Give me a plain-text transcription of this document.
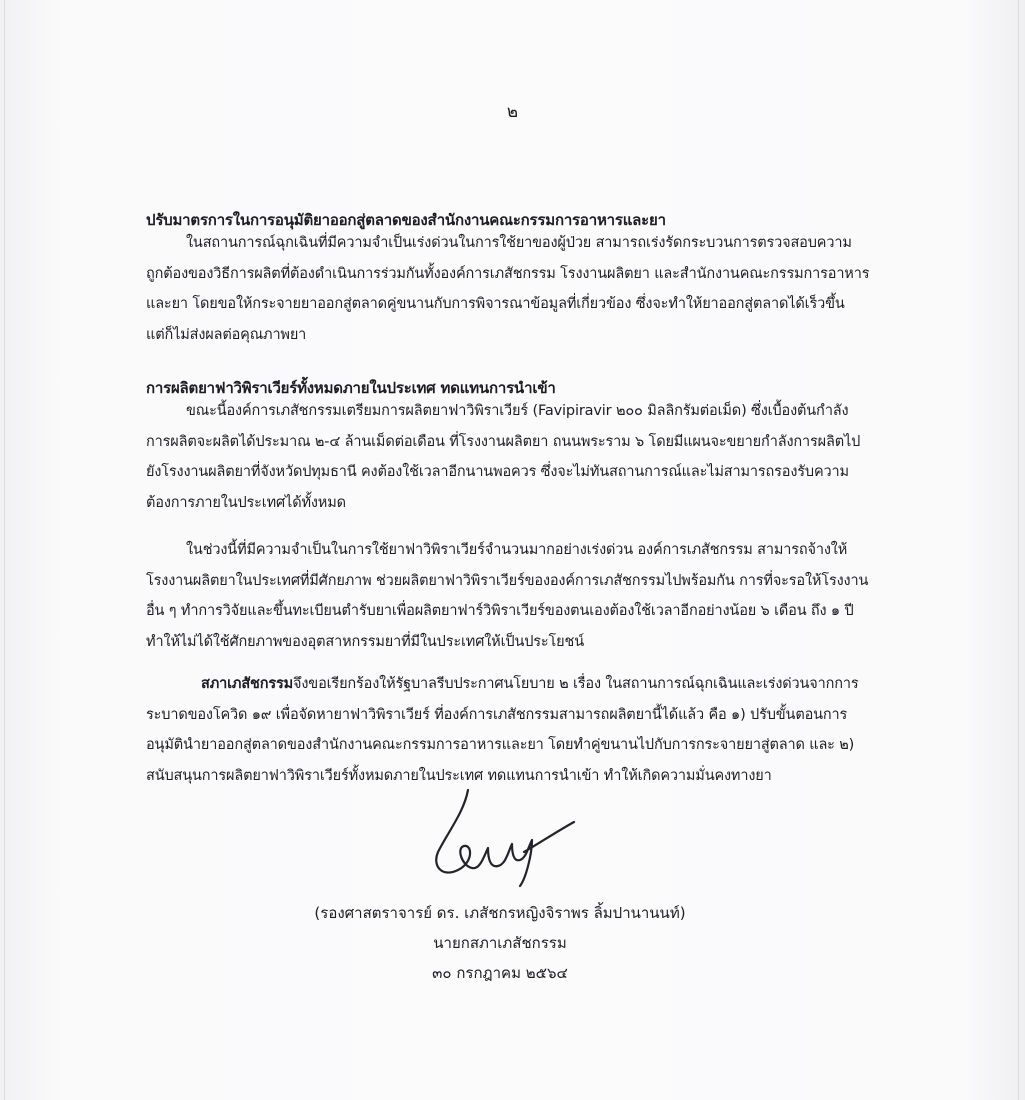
๒
ปรับมาตรการในการอนุมัติยาออกสู่ตลาดของสำนักงานคณะกรรมการอาหารและยา
ในสถานการณ์ฉุกเฉินที่มีความจำเป็นเร่งด่วนในการใช้ยาของผู้ป่วย สามารถเร่งรัดกระบวนการตรวจสอบความ
ถูกต้องของวิธีการผลิตที่ต้องดำเนินการร่วมกันทั้งองค์การเภสัชกรรม โรงงานผลิตยา และสำนักงานคณะกรรมการอาหาร
และยา โดยขอให้กระจายยาออกสู่ตลาดคู่ขนานกับการพิจารณาข้อมูลที่เกี่ยวข้อง ซึ่งจะทำให้ยาออกสู่ตลาดได้เร็วขึ้น
แต่ก็ไม่ส่งผลต่อคุณภาพยา
การผลิตยาฟาวิพิราเวียร์ทั้งหมดภายในประเทศ ทดแทนการนำเข้า
ขณะนี้องค์การเภสัชกรรมเตรียมการผลิตยาฟาวิพิราเวียร์ (Favipiravir ๒๐๐ มิลลิกรัมต่อเม็ด) ซึ่งเบื้องต้นกำลัง
การผลิตจะผลิตได้ประมาณ ๒-๔ ล้านเม็ดต่อเดือน ที่โรงงานผลิตยา ถนนพระราม ๖ โดยมีแผนจะขยายกำลังการผลิตไป
ยังโรงงานผลิตยาที่จังหวัดปทุมธานี คงต้องใช้เวลาอีกนานพอควร ซึ่งจะไม่ทันสถานการณ์และไม่สามารถรองรับความ
ต้องการภายในประเทศได้ทั้งหมด
ในช่วงนี้ที่มีความจำเป็นในการใช้ยาฟาวิพิราเวียร์จำนวนมากอย่างเร่งด่วน องค์การเภสัชกรรม สามารถจ้างให้
โรงงานผลิตยาในประเทศที่มีศักยภาพ ช่วยผลิตยาฟาวิพิราเวียร์ขององค์การเภสัชกรรมไปพร้อมกัน การที่จะรอให้โรงงาน
อื่น ๆ ทำการวิจัยและขึ้นทะเบียนตำรับยาเพื่อผลิตยาฟาร์วิพิราเวียร์ของตนเองต้องใช้เวลาอีกอย่างน้อย ๖ เดือน ถึง ๑ ปี
ทำให้ไม่ได้ใช้ศักยภาพของอุตสาหกรรมยาที่มีในประเทศให้เป็นประโยชน์
สภาเภสัชกรรมจึงขอเรียกร้องให้รัฐบาลรีบประกาศนโยบาย ๒ เรื่อง ในสถานการณ์ฉุกเฉินและเร่งด่วนจากการ
ระบาดของโควิด ๑๙ เพื่อจัดหายาฟาวิพิราเวียร์ ที่องค์การเภสัชกรรมสามารถผลิตยานี้ได้แล้ว คือ ๑) ปรับขั้นตอนการ
อนุมัตินำยาออกสู่ตลาดของสำนักงานคณะกรรมการอาหารและยา โดยทำคู่ขนานไปกับการกระจายยาสู่ตลาด และ ๒)
สนับสนุนการผลิตยาฟาวิพิราเวียร์ทั้งหมดภายในประเทศ ทดแทนการนำเข้า ทำให้เกิดความมั่นคงทางยา
(รองศาสตราจารย์ ดร. เภสัชกรหญิงจิราพร ลิ้มปานานนท์)
นายกสภาเภสัชกรรม
๓๐ กรกฎาคม ๒๕๖๔
